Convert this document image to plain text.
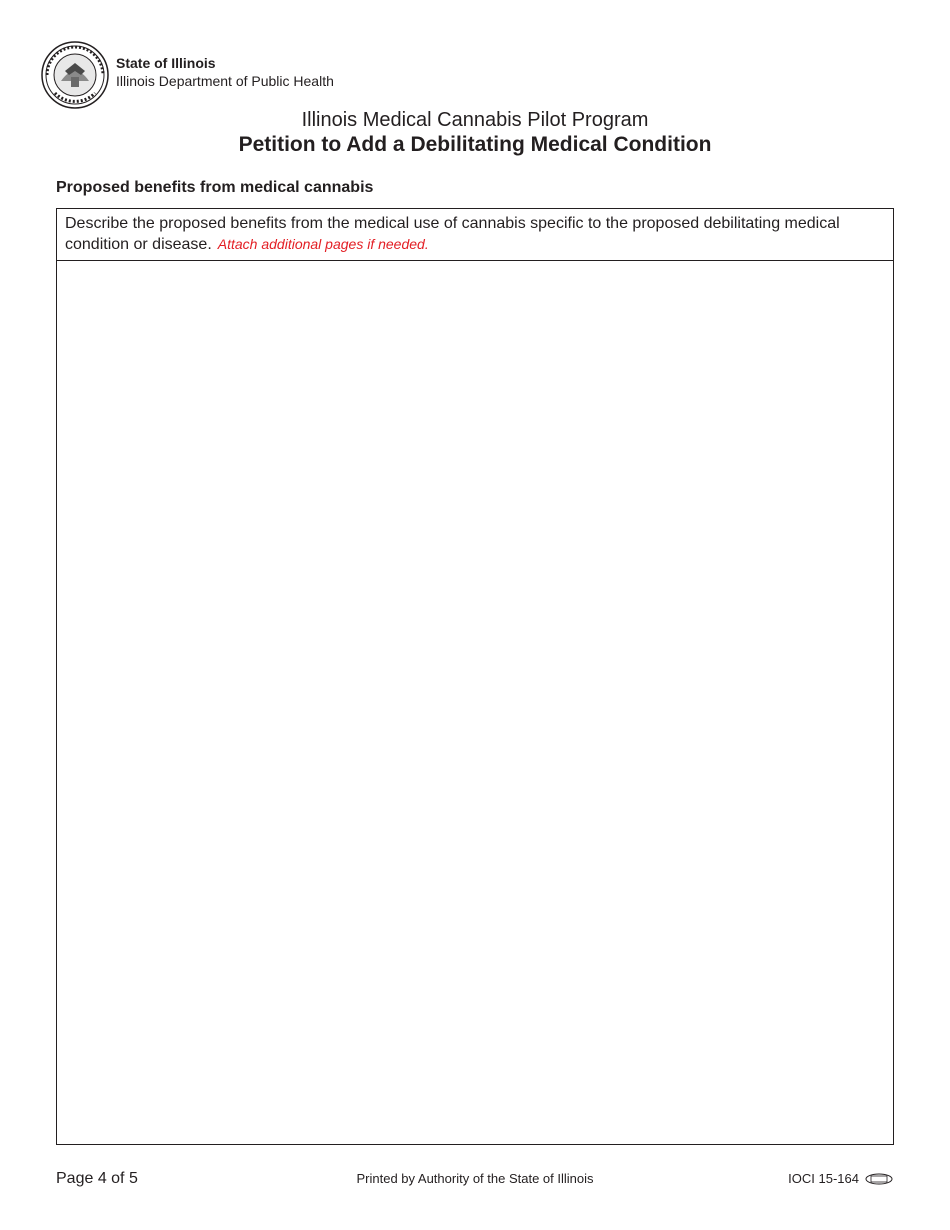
State of Illinois
Illinois Department of Public Health
Illinois Medical Cannabis Pilot Program
Petition to Add a Debilitating Medical Condition
Proposed benefits from medical cannabis
Describe the proposed benefits from the medical use of cannabis specific to the proposed debilitating medical condition or disease. Attach additional pages if needed.
Page 4 of 5	Printed by Authority of the State of Illinois	IOCI 15-164
